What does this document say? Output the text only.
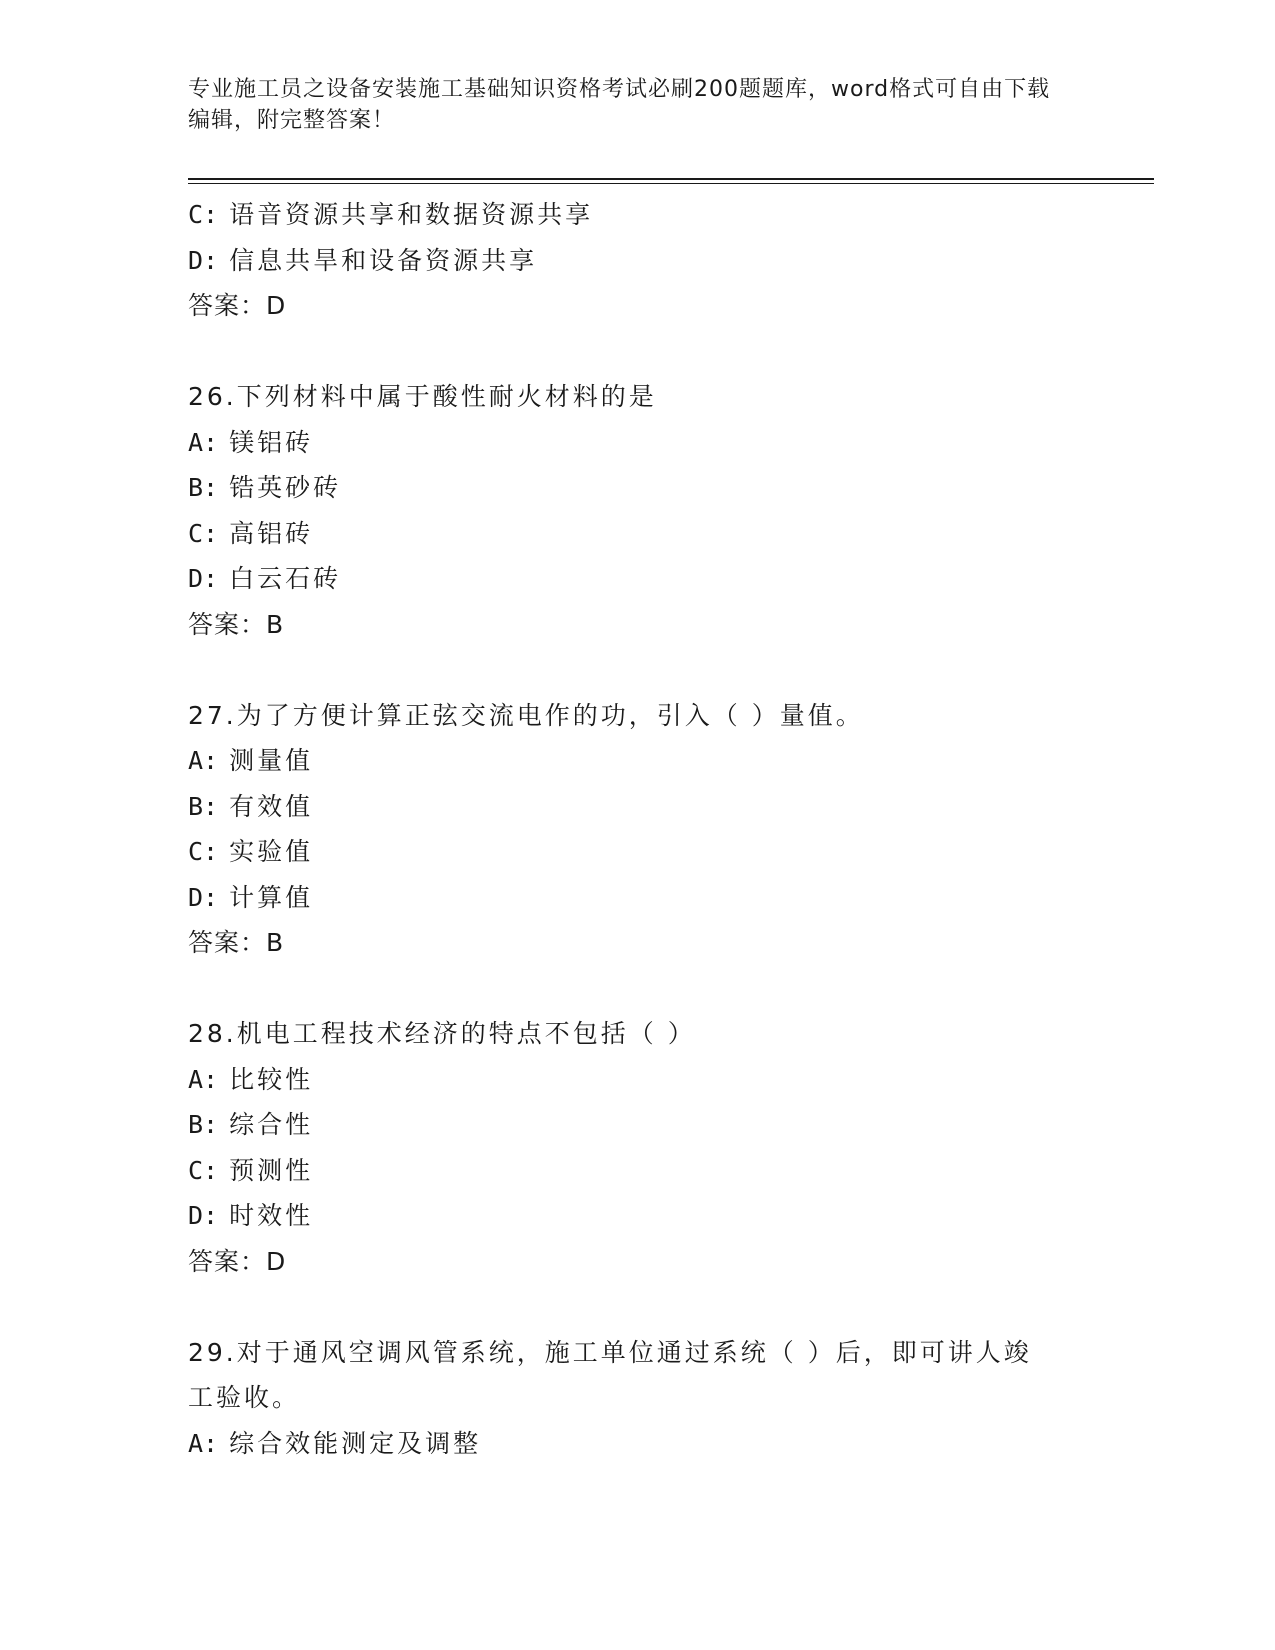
专业施工员之设备安装施工基础知识资格考试必刷200题题库，word格式可自由下载编辑，附完整答案！
C: 语音资源共享和数据资源共享
D: 信息共旱和设备资源共享
答案：D
26.下列材料中属于酸性耐火材料的是
A: 镁铝砖
B: 锆英砂砖
C: 高铝砖
D: 白云石砖
答案：B
27.为了方便计算正弦交流电作的功，引入（ ）量值。
A: 测量值
B: 有效值
C: 实验值
D: 计算值
答案：B
28.机电工程技术经济的特点不包括（ ）
A: 比较性
B: 综合性
C: 预测性
D: 时效性
答案：D
29.对于通风空调风管系统，施工单位通过系统（ ）后，即可讲人竣
工验收。
A: 综合效能测定及调整
